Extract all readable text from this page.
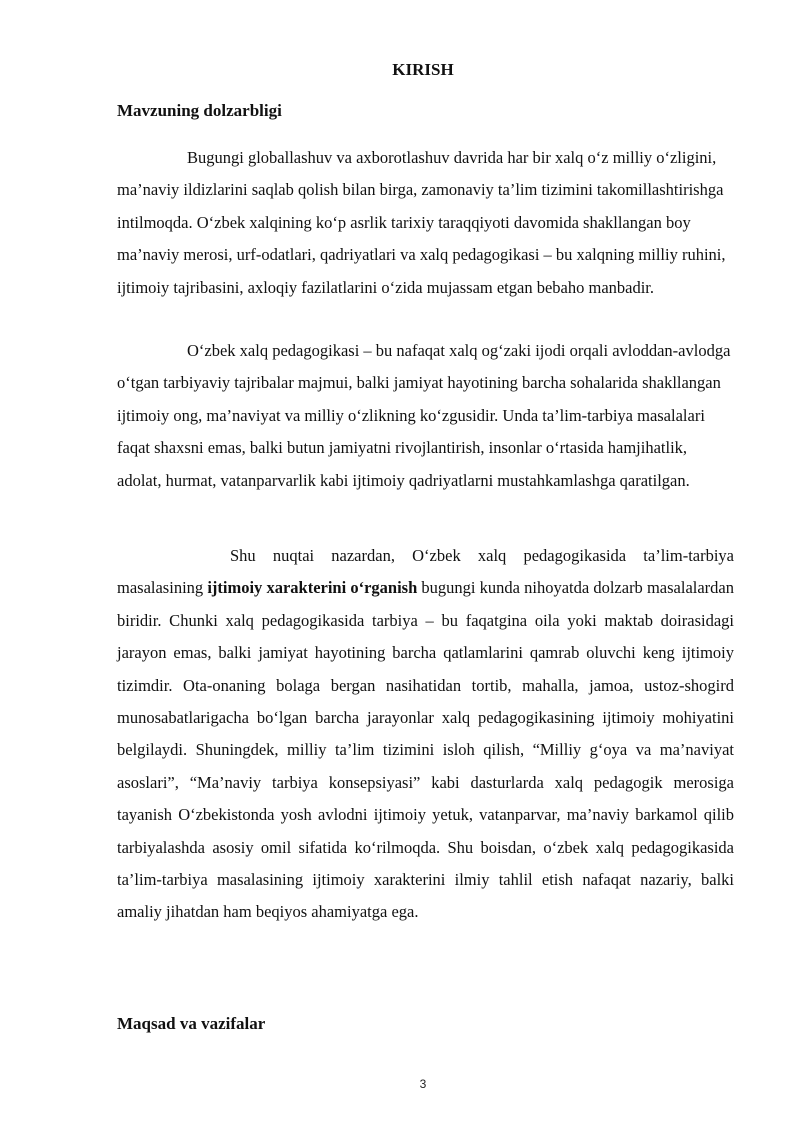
KIRISH
Mavzuning dolzarbligi

Bugungi globallashuv va axborotlashuv davrida har bir xalq o‘z milliy o‘zligini, ma’naviy ildizlarini saqlab qolish bilan birga, zamonaviy ta’lim tizimini takomillashtirishga intilmoqda. O‘zbek xalqining ko‘p asrlik tarixiy taraqqiyoti davomida shakllangan boy ma’naviy merosi, urf-odatlari, qadriyatlari va xalq pedagogikasi – bu xalqning milliy ruhini, ijtimoiy tajribasini, axloqiy fazilatlarini o‘zida mujassam etgan bebaho manbadir.

O‘zbek xalq pedagogikasi – bu nafaqat xalq og‘zaki ijodi orqali avloddan-avlodga o‘tgan tarbiyaviy tajribalar majmui, balki jamiyat hayotining barcha sohalarida shakllangan ijtimoiy ong, ma’naviyat va milliy o‘zlikning ko‘zgusidir. Unda ta’lim-tarbiya masalalari faqat shaxsni emas, balki butun jamiyatni rivojlantirish, insonlar o‘rtasida hamjihatlik, adolat, hurmat, vatanparvarlik kabi ijtimoiy qadriyatlarni mustahkamlashga qaratilgan.

Shu nuqtai nazardan, O‘zbek xalq pedagogikasida ta’lim-tarbiya masalasining ijtimoiy xarakterini o‘rganish bugungi kunda nihoyatda dolzarb masalalardan biridir. Chunki xalq pedagogikasida tarbiya – bu faqatgina oila yoki maktab doirasidagi jarayon emas, balki jamiyat hayotining barcha qatlamlarini qamrab oluvchi keng ijtimoiy tizimdir. Ota-onaning bolaga bergan nasihatidan tortib, mahalla, jamoa, ustoz-shogird munosabatlarigacha bo‘lgan barcha jarayonlar xalq pedagogikasining ijtimoiy mohiyatini belgilaydi. Shuningdek, milliy ta’lim tizimini isloh qilish, “Milliy g‘oya va ma’naviyat asoslari”, “Ma’naviy tarbiya konsepsiyasi” kabi dasturlarda xalq pedagogik merosiga tayanish O‘zbekistonda yosh avlodni ijtimoiy yetuk, vatanparvar, ma’naviy barkamol qilib tarbiyalashda asosiy omil sifatida ko‘rilmoqda. Shu boisdan, o‘zbek xalq pedagogikasida ta’lim-tarbiya masalasining ijtimoiy xarakterini ilmiy tahlil etish nafaqat nazariy, balki amaliy jihatdan ham beqiyos ahamiyatga ega.

Maqsad va vazifalar
3
